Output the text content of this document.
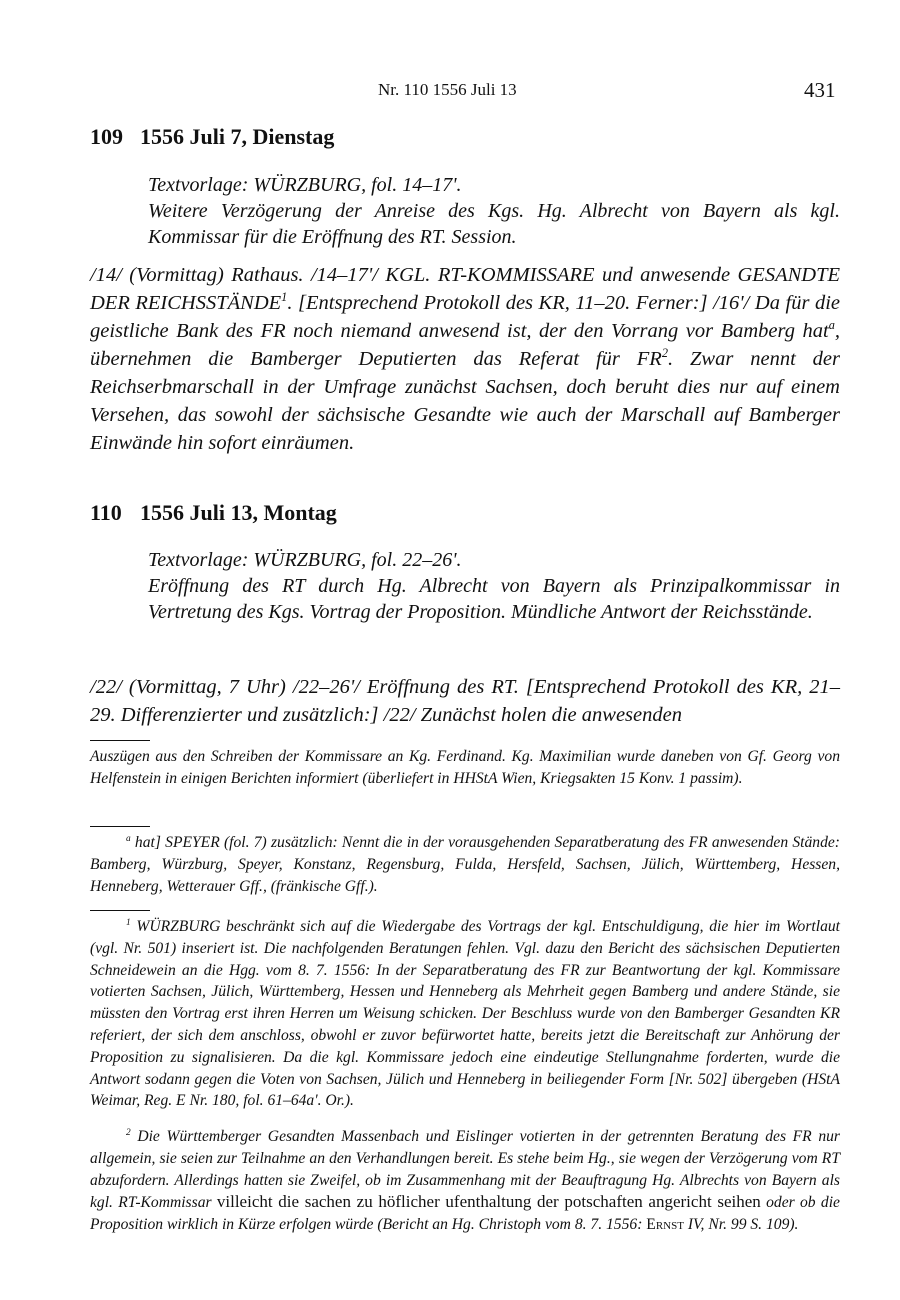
Nr. 110 1556 Juli 13	431
109 1556 Juli 7, Dienstag
Textvorlage: WÜRZBURG, fol. 14–17'.
Weitere Verzögerung der Anreise des Kgs. Hg. Albrecht von Bayern als kgl. Kommissar für die Eröffnung des RT. Session.
/14/ (Vormittag) Rathaus. /14–17'/ KGL. RT-KOMMISSARE und anwesende GESANDTE DER REICHSSTÄNDE$^1$. [Entsprechend Protokoll des KR, 11–20. Ferner:] /16'/ Da für die geistliche Bank des FR noch niemand anwesend ist, der den Vorrang vor Bamberg hat$^a$, übernehmen die Bamberger Deputierten das Referat für $FR^2$. Zwar nennt der Reichserbmarschall in der Umfrage zunächst Sachsen, doch beruht dies nur auf einem Versehen, das sowohl der sächsische Gesandte wie auch der Marschall auf Bamberger Einwände hin sofort einräumen.
110 1556 Juli 13, Montag
Textvorlage: WÜRZBURG, fol. 22–26'.
Eröffnung des RT durch Hg. Albrecht von Bayern als Prinzipalkommissar in Vertretung des Kgs. Vortrag der Proposition. Mündliche Antwort der Reichsstände.
/22/ (Vormittag, 7 Uhr) /22–26'/ Eröffnung des RT. [Entsprechend Protokoll des KR, 21–29. Differenzierter und zusätzlich:] /22/ Zunächst holen die anwesenden
Auszügen aus den Schreiben der Kommissare an Kg. Ferdinand. Kg. Maximilian wurde daneben von Gf. Georg von Helfenstein in einigen Berichten informiert (überliefert in HHStA Wien, Kriegsakten 15 Konv. 1 passim).
$^a$ hat] SPEYER (fol. 7) zusätzlich: Nennt die in der vorausgehenden Separatberatung des FR anwesenden Stände: Bamberg, Würzburg, Speyer, Konstanz, Regensburg, Fulda, Hersfeld, Sachsen, Jülich, Württemberg, Hessen, Henneberg, Wetterauer Gff., (fränkische Gff.).
$^1$ WÜRZBURG beschränkt sich auf die Wiedergabe des Vortrags der kgl. Entschuldigung, die hier im Wortlaut (vgl. Nr. 501) inseriert ist. Die nachfolgenden Beratungen fehlen. Vgl. dazu den Bericht des sächsischen Deputierten Schneidewein an die Hgg. vom 8. 7. 1556: In der Separatberatung des FR zur Beantwortung der kgl. Kommissare votierten Sachsen, Jülich, Württemberg, Hessen und Henneberg als Mehrheit gegen Bamberg und andere Stände, sie müssten den Vortrag erst ihren Herren um Weisung schicken. Der Beschluss wurde von den Bamberger Gesandten KR referiert, der sich dem anschloss, obwohl er zuvor befürwortet hatte, bereits jetzt die Bereitschaft zur Anhörung der Proposition zu signalisieren. Da die kgl. Kommissare jedoch eine eindeutige Stellungnahme forderten, wurde die Antwort sodann gegen die Voten von Sachsen, Jülich und Henneberg in beiliegender Form [Nr. 502] übergeben (HStA Weimar, Reg. E Nr. 180, fol. 61–64a'. Or.).
$^2$ Die Württemberger Gesandten Massenbach und Eislinger votierten in der getrennten Beratung des FR nur allgemein, sie seien zur Teilnahme an den Verhandlungen bereit. Es stehe beim Hg., sie wegen der Verzögerung vom RT abzufordern. Allerdings hatten sie Zweifel, ob im Zusammenhang mit der Beauftragung Hg. Albrechts von Bayern als kgl. RT-Kommissar villeicht die sachen zu höflicher ufenthaltung der potschaften angericht seihen oder ob die Proposition wirklich in Kürze erfolgen würde (Bericht an Hg. Christoph vom 8. 7. 1556: Ernst IV, Nr. 99 S. 109).
